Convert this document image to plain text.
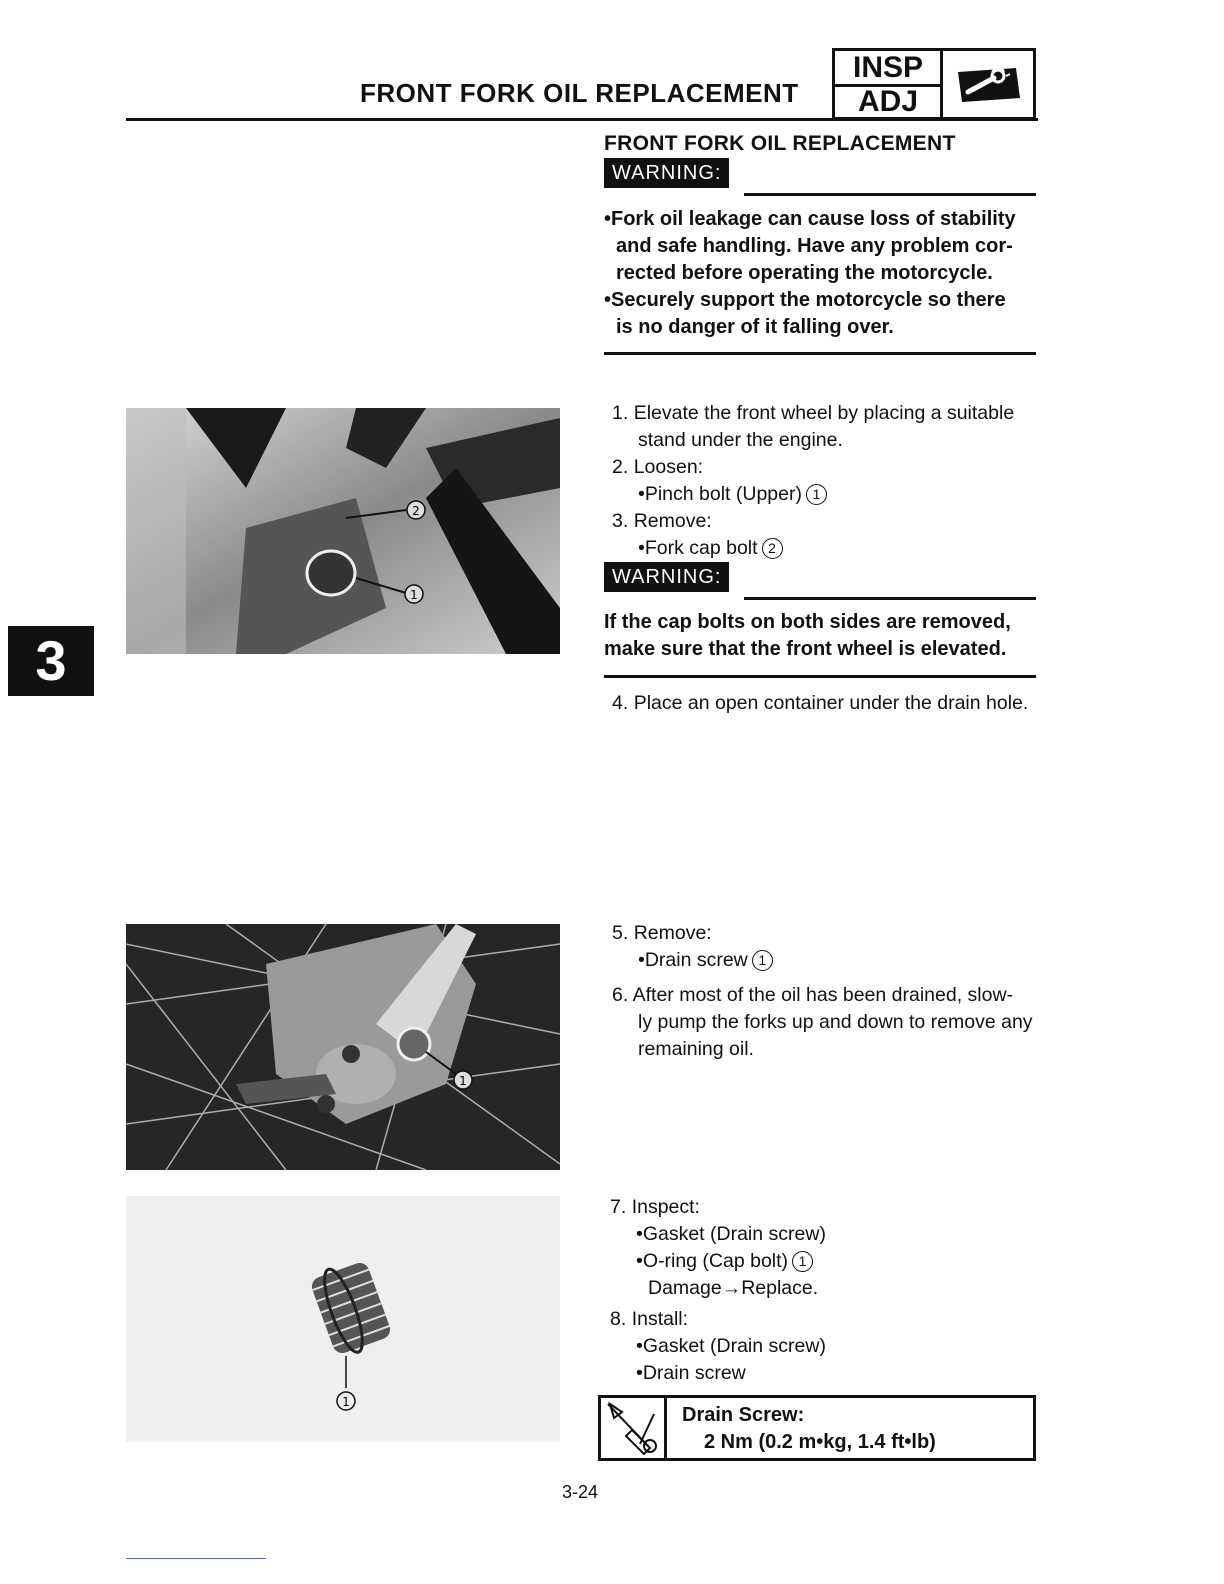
FRONT FORK OIL REPLACEMENT
INSP
ADJ
FRONT FORK OIL REPLACEMENT
WARNING:
•Fork oil leakage can cause loss of stability
and safe handling. Have any problem cor-
rected before operating the motorcycle.
•Securely support the motorcycle so there
is no danger of it falling over.
2
1
1. Elevate the front wheel by placing a suitable
stand under the engine.
2. Loosen:
•Pinch bolt (Upper) 1
3. Remove:
•Fork cap bolt 2
WARNING:
If the cap bolts on both sides are removed,
make sure that the front wheel is elevated.
4. Place an open container under the drain hole.
3
1
5. Remove:
•Drain screw 1
6. After most of the oil has been drained, slow-
ly pump the forks up and down to remove any
remaining oil.
1
7. Inspect:
•Gasket (Drain screw)
•O-ring (Cap bolt) 1
Damage→Replace.
8. Install:
•Gasket (Drain screw)
•Drain screw
Drain Screw:
2 Nm (0.2 m•kg, 1.4 ft•lb)
3-24
